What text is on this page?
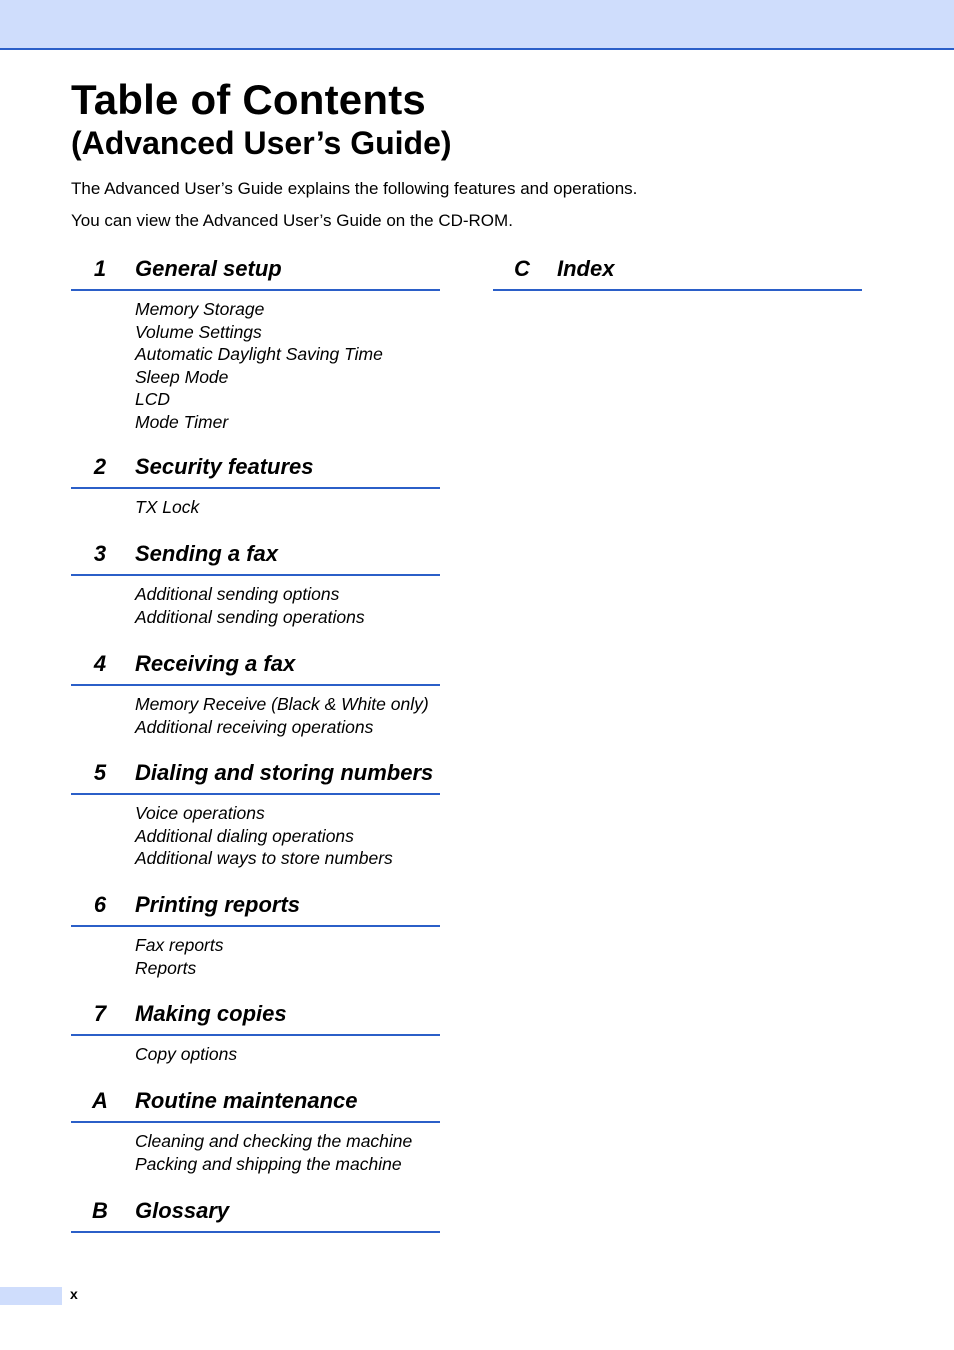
Table of Contents
(Advanced User’s Guide)

The Advanced User’s Guide explains the following features and operations.

You can view the Advanced User’s Guide on the CD-ROM.

1	General setup
Memory Storage
Volume Settings
Automatic Daylight Saving Time
Sleep Mode
LCD
Mode Timer
2	Security features
TX Lock
3	Sending a fax
Additional sending options
Additional sending operations
4	Receiving a fax
Memory Receive (Black & White only)
Additional receiving operations
5	Dialing and storing numbers
Voice operations
Additional dialing operations
Additional ways to store numbers
6	Printing reports
Fax reports
Reports
7	Making copies
Copy options
A	Routine maintenance
Cleaning and checking the machine
Packing and shipping the machine
B	Glossary
C	Index
x
